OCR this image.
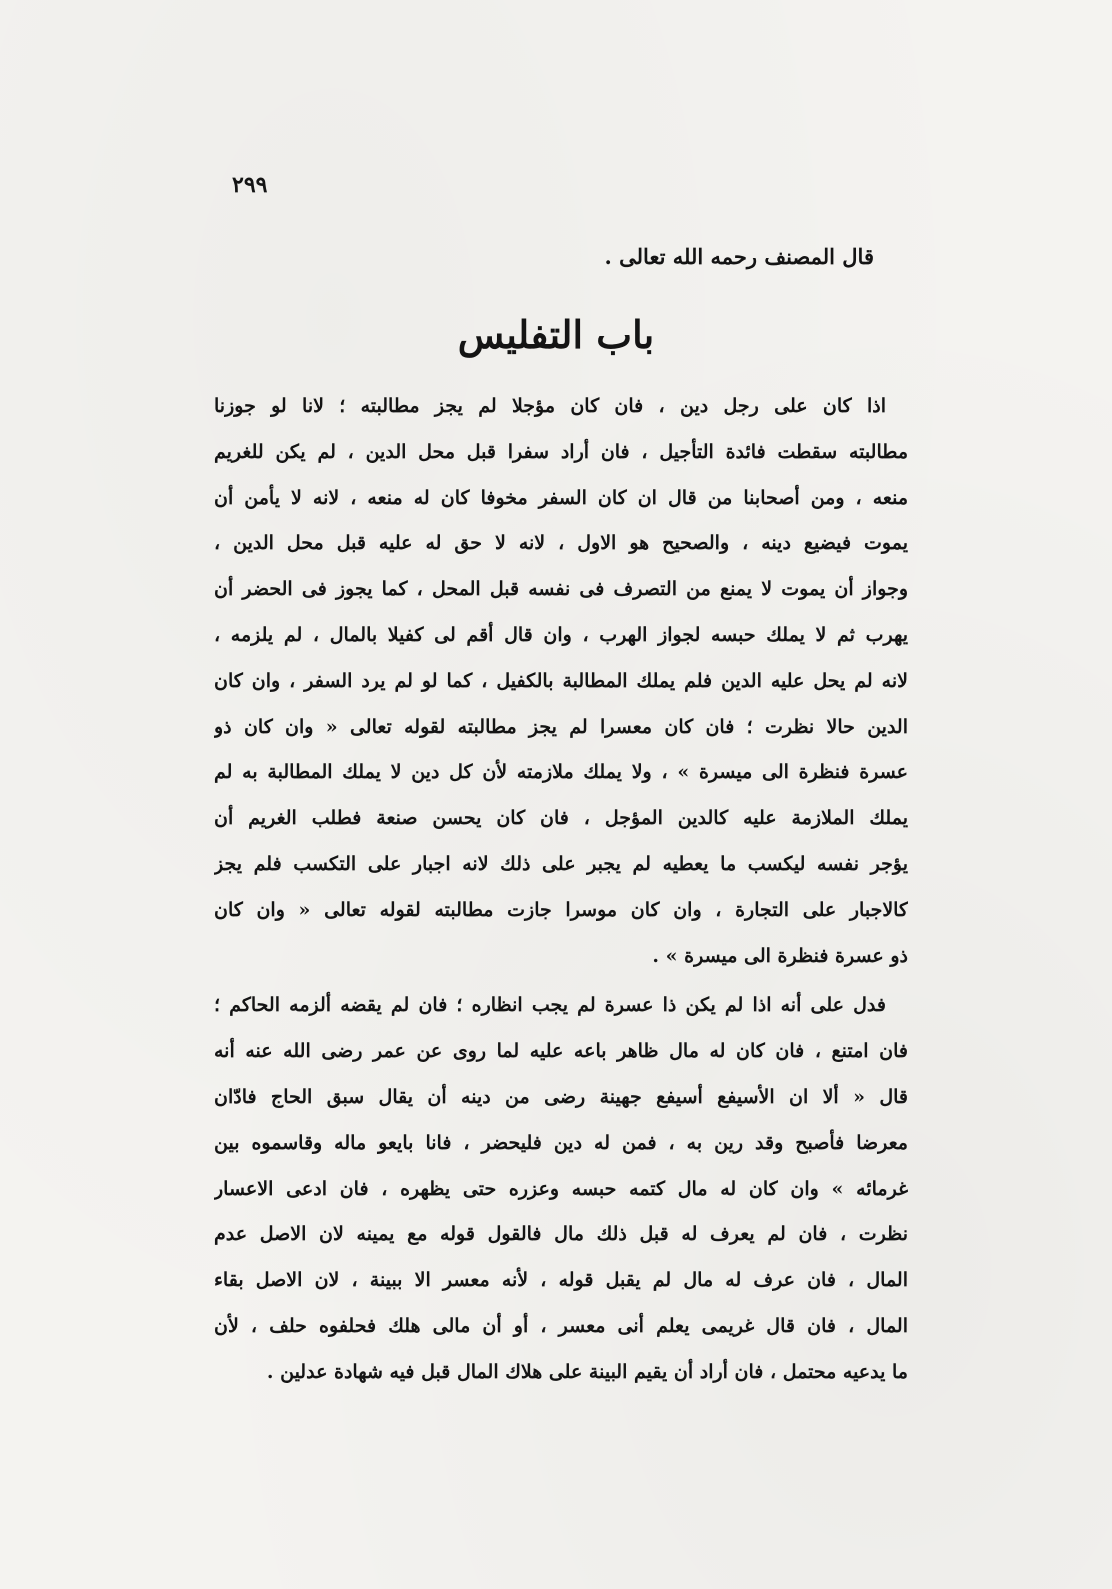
٢٩٩
قال المصنف رحمه الله تعالى .
باب التفليس
اذا كان على رجل دين ، فان كان مؤجلا لم يجز مطالبته ؛ لانا لو جوزنا
مطالبته سقطت فائدة التأجيل ، فان أراد سفرا قبل محل الدين ، لم يكن للغريم
منعه ، ومن أصحابنا من قال ان كان السفر مخوفا كان له منعه ، لانه لا يأمن أن
يموت فيضيع دينه ، والصحيح هو الاول ، لانه لا حق له عليه قبل محل الدين ،
وجواز أن يموت لا يمنع من التصرف فى نفسه قبل المحل ، كما يجوز فى الحضر أن
يهرب ثم لا يملك حبسه لجواز الهرب ، وان قال أقم لى كفيلا بالمال ، لم يلزمه ،
لانه لم يحل عليه الدين فلم يملك المطالبة بالكفيل ، كما لو لم يرد السفر ، وان كان
الدين حالا نظرت ؛ فان كان معسرا لم يجز مطالبته لقوله تعالى « وان كان ذو
عسرة فنظرة الى ميسرة » ، ولا يملك ملازمته لأن كل دين لا يملك المطالبة به لم
يملك الملازمة عليه كالدين المؤجل ، فان كان يحسن صنعة فطلب الغريم أن
يؤجر نفسه ليكسب ما يعطيه لم يجبر على ذلك لانه اجبار على التكسب فلم يجز
كالاجبار على التجارة ، وان كان موسرا جازت مطالبته لقوله تعالى « وان كان
ذو عسرة فنظرة الى ميسرة » .
فدل على أنه اذا لم يكن ذا عسرة لم يجب انظاره ؛ فان لم يقضه ألزمه الحاكم ؛
فان امتنع ، فان كان له مال ظاهر باعه عليه لما روى عن عمر رضى الله عنه أنه
قال « ألا ان الأسيفع أسيفع جهينة رضى من دينه أن يقال سبق الحاج فادّان
معرضا فأصبح وقد رين به ، فمن له دين فليحضر ، فانا بايعو ماله وقاسموه بين
غرمائه » وان كان له مال كتمه حبسه وعزره حتى يظهره ، فان ادعى الاعسار
نظرت ، فان لم يعرف له قبل ذلك مال فالقول قوله مع يمينه لان الاصل عدم
المال ، فان عرف له مال لم يقبل قوله ، لأنه معسر الا ببينة ، لان الاصل بقاء
المال ، فان قال غريمى يعلم أنى معسر ، أو أن مالى هلك فحلفوه حلف ، لأن
ما يدعيه محتمل ، فان أراد أن يقيم البينة على هلاك المال قبل فيه شهادة عدلين .
